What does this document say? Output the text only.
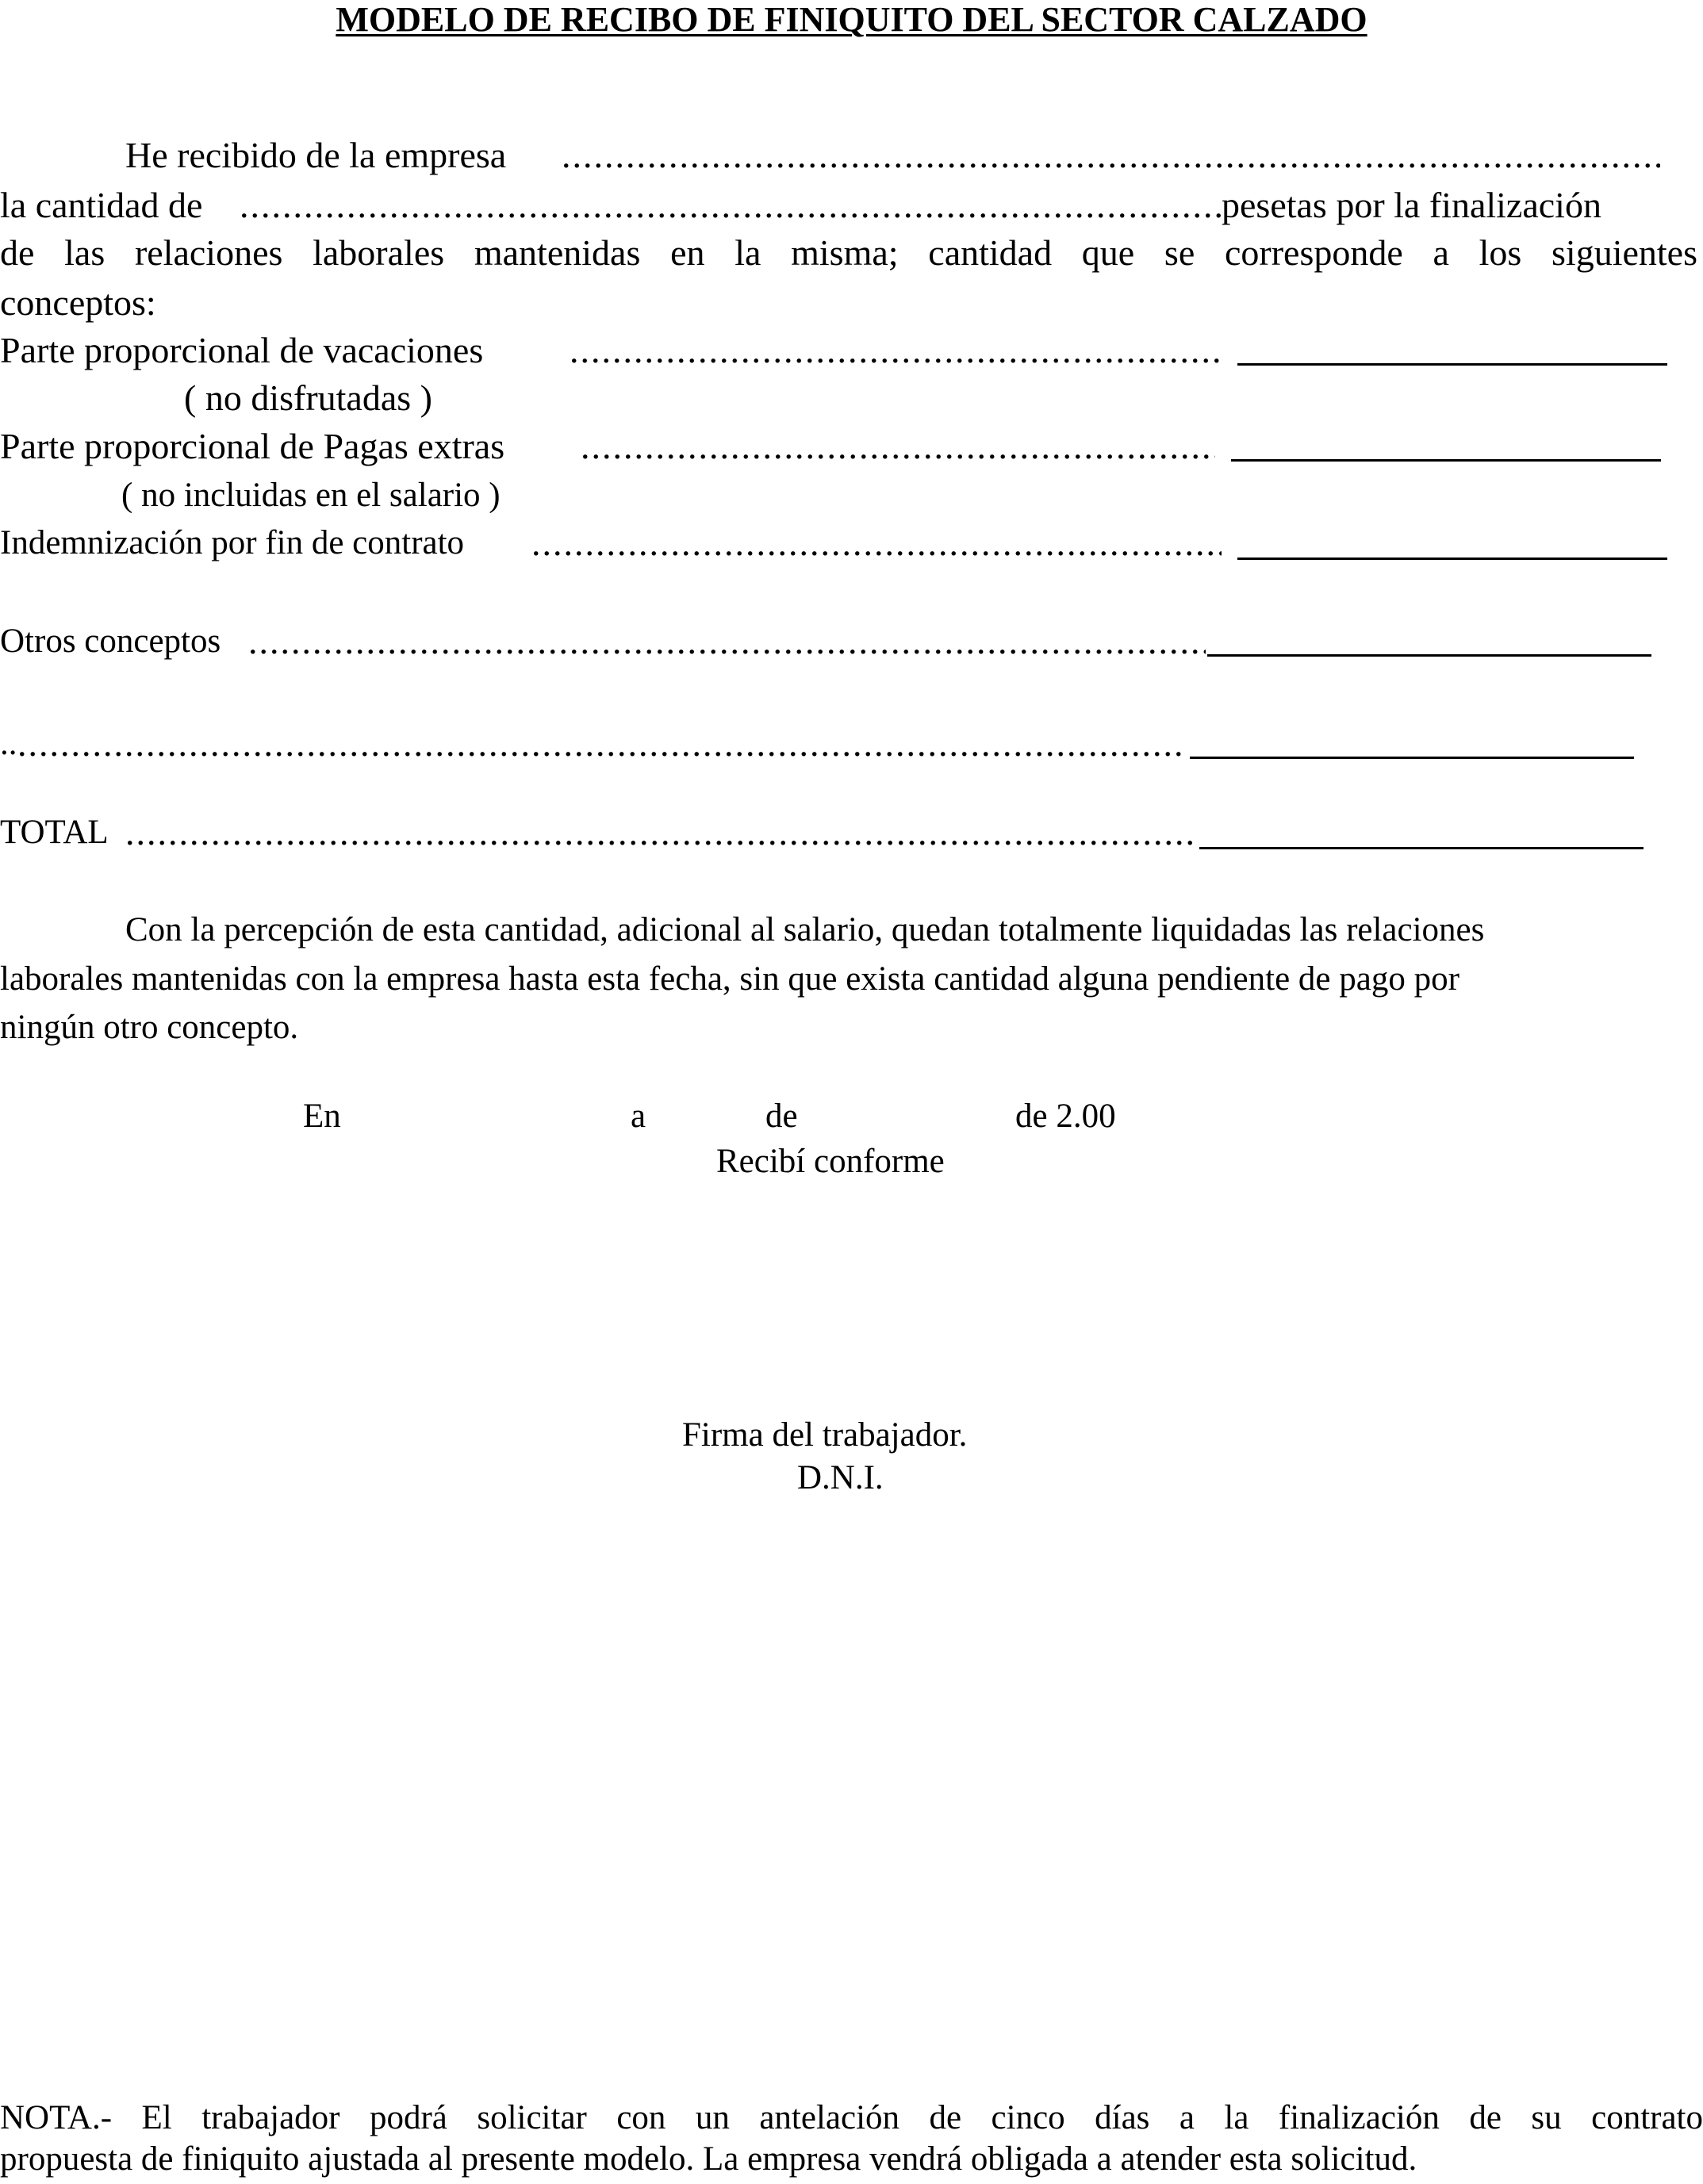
MODELO DE RECIBO DE FINIQUITO DEL SECTOR CALZADO
He recibido de la empresa
.....
la cantidad de
.....	pesetas por la finalización
de las relaciones laborales mantenidas en la misma; cantidad que se corresponde a los siguientes
conceptos:
Parte proporcional de vacaciones
.....
( no disfrutadas )
Parte proporcional de Pagas extras
.....
( no incluidas en el salario )
Indemnización por fin de contrato
.....
Otros conceptos
.....
..
.....
TOTAL
.....
Con la percepción de esta cantidad, adicional al salario, quedan totalmente liquidadas las relaciones
laborales mantenidas con la empresa hasta esta fecha, sin que exista cantidad alguna pendiente de pago por
ningún otro concepto.
En	a	de	de 2.00
Recibí conforme
Firma del trabajador.
D.N.I.
NOTA.- El trabajador podrá solicitar con un antelación de cinco días a la finalización de su contrato
propuesta de finiquito ajustada al presente modelo. La empresa vendrá obligada a atender esta solicitud.
